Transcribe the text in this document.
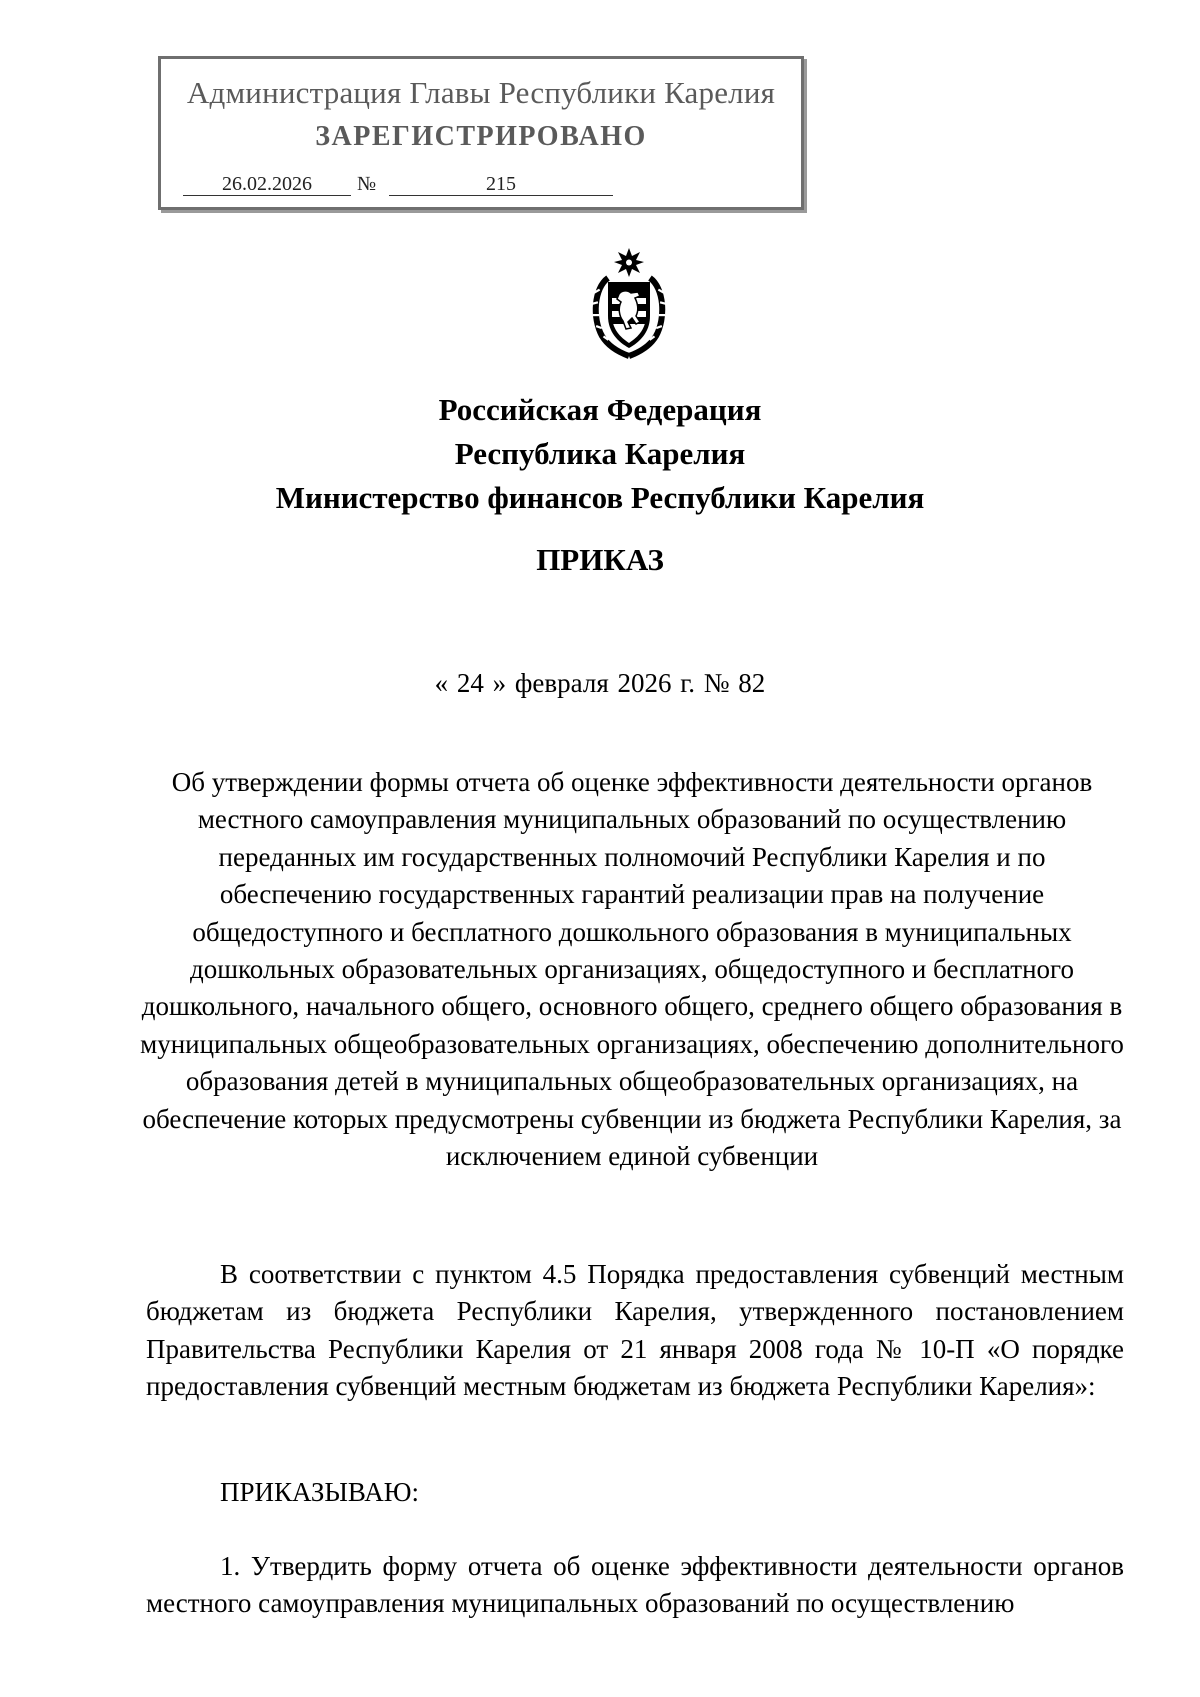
Администрация Главы Республики Карелия
ЗАРЕГИСТРИРОВАНО
26.02.2026	№	215
Российская Федерация
Республика Карелия
Министерство финансов Республики Карелия
ПРИКАЗ
« 24 » февраля 2026 г. № 82
Об утверждении формы отчета об оценке эффективности деятельности органов местного самоуправления муниципальных образований по осуществлению переданных им государственных полномочий Республики Карелия и по обеспечению государственных гарантий реализации прав на получение общедоступного и бесплатного дошкольного образования в муниципальных дошкольных образовательных организациях, общедоступного и бесплатного дошкольного, начального общего, основного общего, среднего общего образования в муниципальных общеобразовательных организациях, обеспечению дополнительного образования детей в муниципальных общеобразовательных организациях, на обеспечение которых предусмотрены субвенции из бюджета Республики Карелия, за исключением единой субвенции
В соответствии с пунктом 4.5 Порядка предоставления субвенций местным бюджетам из бюджета Республики Карелия, утвержденного постановлением Правительства Республики Карелия от 21 января 2008 года № 10-П «О порядке предоставления субвенций местным бюджетам из бюджета Республики Карелия»:
ПРИКАЗЫВАЮ:
1. Утвердить форму отчета об оценке эффективности деятельности органов местного самоуправления муниципальных образований по осуществлению
